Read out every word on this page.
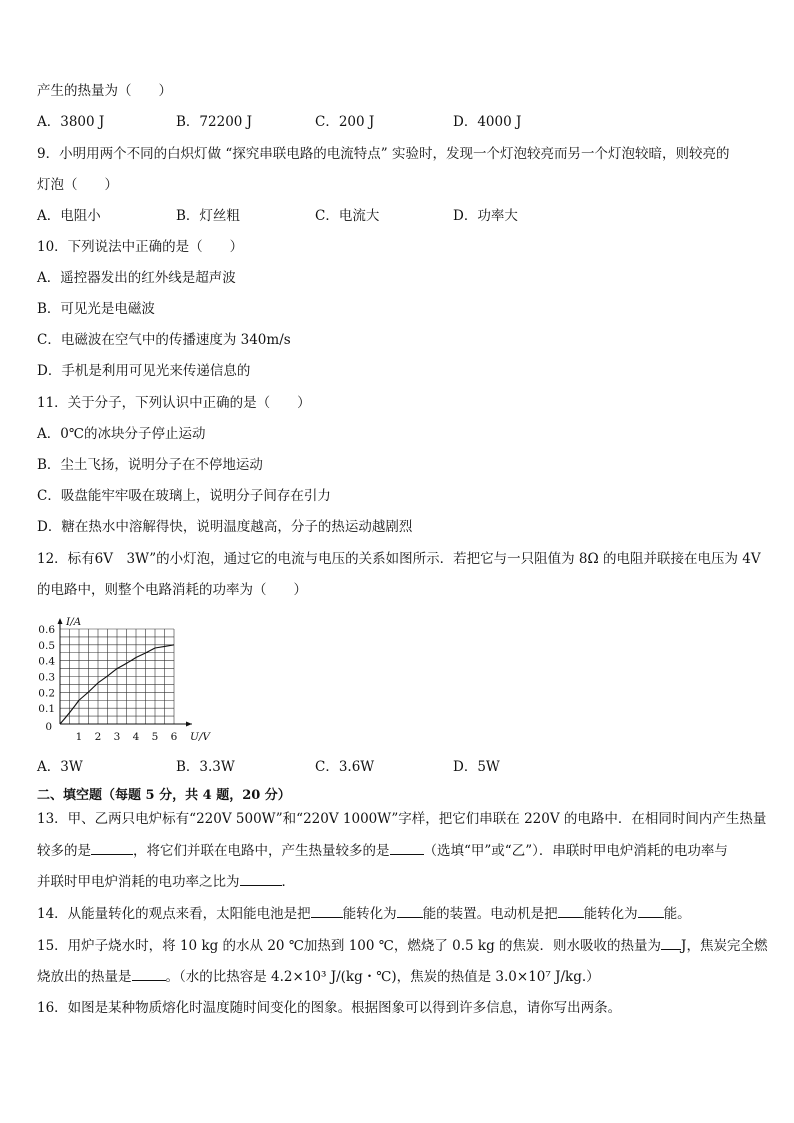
产生的热量为（　　）
A．3800 J	B．72200 J	C．200 J	D．4000 J
9．小明用两个不同的白炽灯做 “探究串联电路的电流特点” 实验时，发现一个灯泡较亮而另一个灯泡较暗，则较亮的
灯泡（　　）
A．电阻小	B．灯丝粗	C．电流大	D．功率大
10．下列说法中正确的是（　　）
A．遥控器发出的红外线是超声波
B．可见光是电磁波
C．电磁波在空气中的传播速度为 340m/s
D．手机是利用可见光来传递信息的
11．关于分子，下列认识中正确的是（　　）
A．0℃的冰块分子停止运动
B．尘土飞扬，说明分子在不停地运动
C．吸盘能牢牢吸在玻璃上，说明分子间存在引力
D．糖在热水中溶解得快，说明温度越高，分子的热运动越剧烈
12．标有6V　3W”的小灯泡，通过它的电流与电压的关系如图所示．若把它与一只阻值为 8Ω 的电阻并联接在电压为 4V
的电路中，则整个电路消耗的功率为（　　）
1 2 3 4 5 6
0.1
0.2
0.3
0.4
0.5
0.6
I/A
U/V
0
A．3W	B．3.3W	C．3.6W	D．5W
二、填空题（每题 5 分，共 4 题，20 分）
13．甲、乙两只电炉标有“220V 500W”和“220V 1000W”字样，把它们串联在 220V 的电路中．在相同时间内产生热量
较多的是	，将它们并联在电路中，产生热量较多的是	（选填“甲”或“乙”）．串联时甲电炉消耗的电功率与
并联时甲电炉消耗的电功率之比为	．
14．从能量转化的观点来看，太阳能电池是把 能转化为 能的装置。电动机是把 能转化为 能。
15．用炉子烧水时，将 10 kg 的水从 20 ℃加热到 100 ℃，燃烧了 0.5 kg 的焦炭．则水吸收的热量为 J，焦炭完全燃
烧放出的热量是	。（水的比热容是 4.2×10³ J/(kg・℃)，焦炭的热值是 3.0×10⁷ J/kg.）
16．如图是某种物质熔化时温度随时间变化的图象。根据图象可以得到许多信息，请你写出两条。
